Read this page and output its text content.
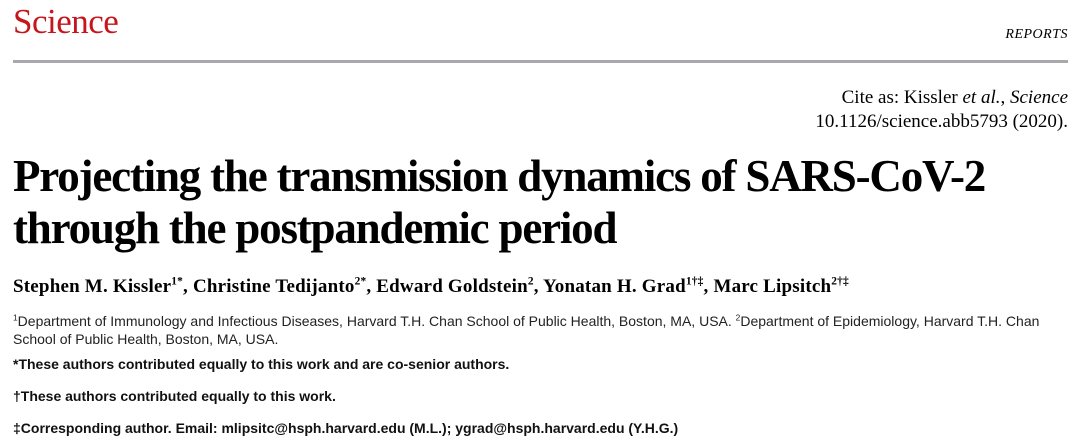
Science	REPORTS
Cite as: Kissler et al., Science
10.1126/science.abb5793 (2020).
Projecting the transmission dynamics of SARS-CoV-2 through the postpandemic period

Stephen M. Kissler$^{1*}$, Christine Tedijanto$^{2*}$, Edward Goldstein$^2$, Yonatan H. Grad$^{1\dagger\ddagger}$, Marc Lipsitch$^{2\dagger\ddagger}$

$^1$Department of Immunology and Infectious Diseases, Harvard T.H. Chan School of Public Health, Boston, MA, USA. $^2$Department of Epidemiology, Harvard T.H. Chan School of Public Health, Boston, MA, USA.

*These authors contributed equally to this work and are co-senior authors.

†These authors contributed equally to this work.

‡Corresponding author. Email: mlipsitc@hsph.harvard.edu (M.L.); ygrad@hsph.harvard.edu (Y.H.G.)
